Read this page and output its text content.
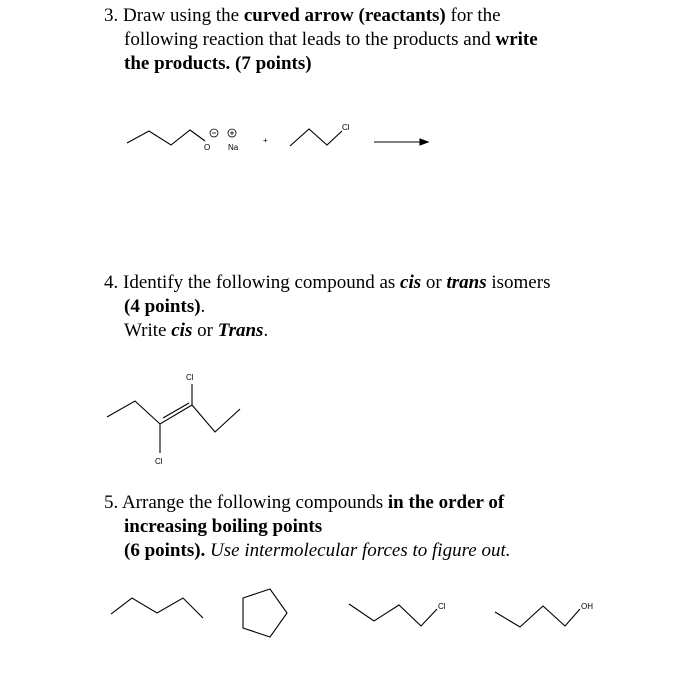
3. Draw using the curved arrow (reactants) for the
following reaction that leads to the products and write
the products. (7 points)
4. Identify the following compound as cis or trans isomers
(4 points).
Write cis or Trans.
5. Arrange the following compounds in the order of
increasing boiling points
(6 points). Use intermolecular forces to figure out.
O Na
+
Cl
Cl
Cl
Cl	OH
